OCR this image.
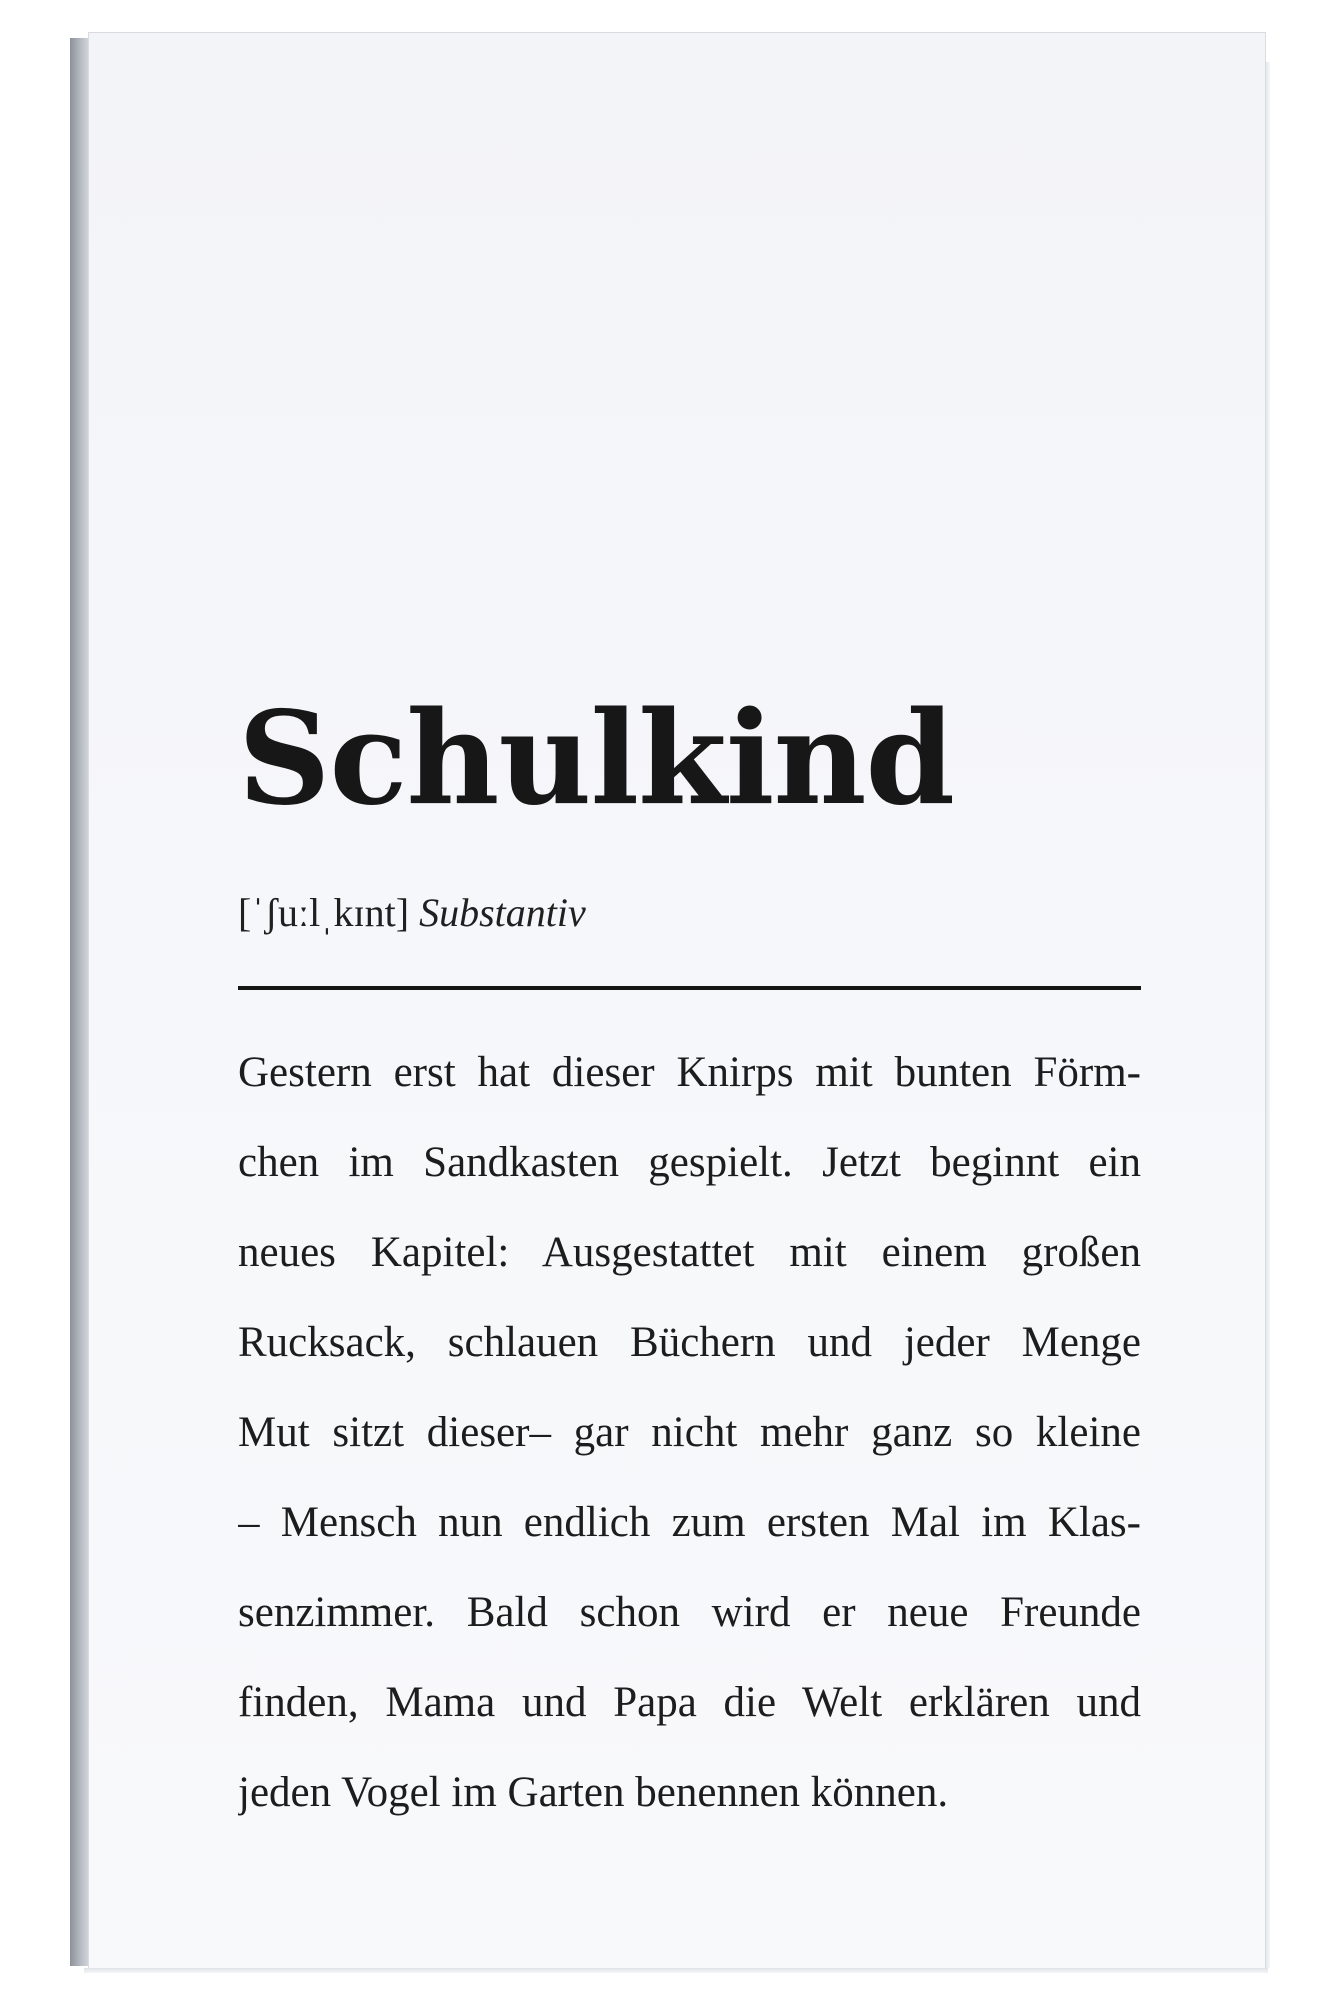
Schulkind
[ˈʃuːlˌkɪnt] Substantiv
Gestern erst hat dieser Knirps mit bunten Förm-
chen im Sandkasten gespielt. Jetzt beginnt ein
neues Kapitel: Ausgestattet mit einem großen
Rucksack, schlauen Büchern und jeder Menge
Mut sitzt dieser– gar nicht mehr ganz so kleine
– Mensch nun endlich zum ersten Mal im Klas-
senzimmer. Bald schon wird er neue Freunde
finden, Mama und Papa die Welt erklären und
jeden Vogel im Garten benennen können.
